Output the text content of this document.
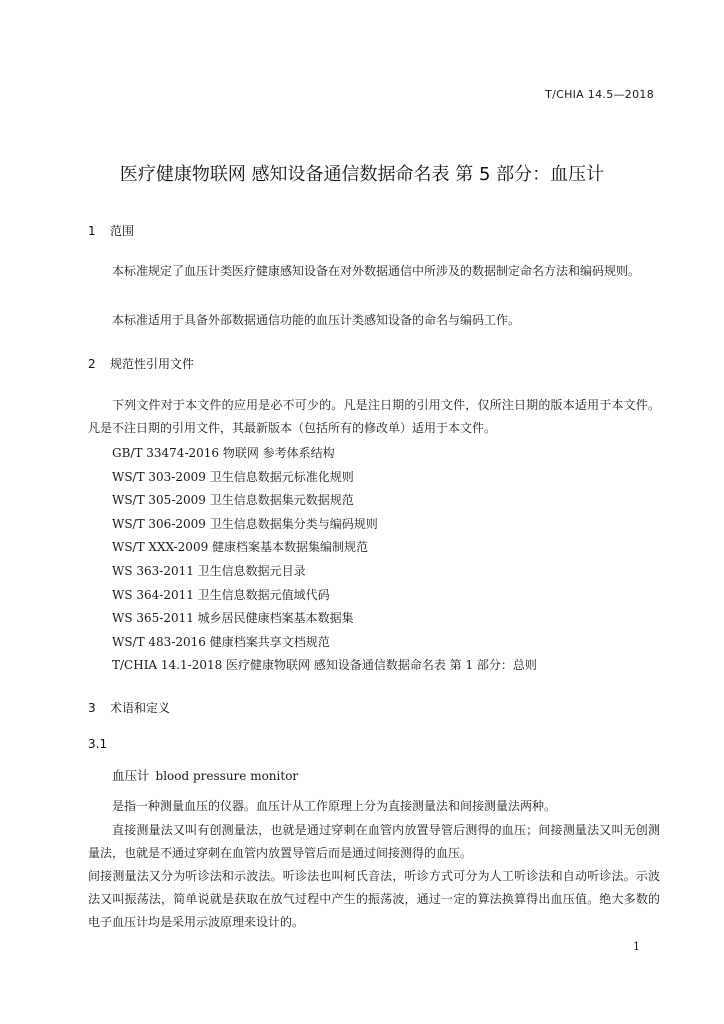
T/CHIA 14.5—2018
医疗健康物联网 感知设备通信数据命名表 第 5 部分：血压计
1 范围
本标准规定了血压计类医疗健康感知设备在对外数据通信中所涉及的数据制定命名方法和编码规则。
本标准适用于具备外部数据通信功能的血压计类感知设备的命名与编码工作。
2 规范性引用文件
下列文件对于本文件的应用是必不可少的。凡是注日期的引用文件，仅所注日期的版本适用于本文件。凡是不注日期的引用文件，其最新版本（包括所有的修改单）适用于本文件。
GB/T 33474-2016 物联网 参考体系结构
WS/T 303-2009 卫生信息数据元标准化规则
WS/T 305-2009 卫生信息数据集元数据规范
WS/T 306-2009 卫生信息数据集分类与编码规则
WS/T XXX-2009 健康档案基本数据集编制规范
WS 363-2011 卫生信息数据元目录
WS 364-2011 卫生信息数据元值域代码
WS 365-2011 城乡居民健康档案基本数据集
WS/T 483-2016 健康档案共享文档规范
T/CHIA 14.1-2018 医疗健康物联网 感知设备通信数据命名表 第 1 部分：总则
3 术语和定义
3.1
血压计 blood pressure monitor
是指一种测量血压的仪器。血压计从工作原理上分为直接测量法和间接测量法两种。
直接测量法又叫有创测量法，也就是通过穿刺在血管内放置导管后测得的血压；间接测量法又叫无创测量法，也就是不通过穿刺在血管内放置导管后而是通过间接测得的血压。
间接测量法又分为听诊法和示波法。听诊法也叫柯氏音法，听诊方式可分为人工听诊法和自动听诊法。示波法又叫振荡法，简单说就是获取在放气过程中产生的振荡波，通过一定的算法换算得出血压值。绝大多数的电子血压计均是采用示波原理来设计的。
1
